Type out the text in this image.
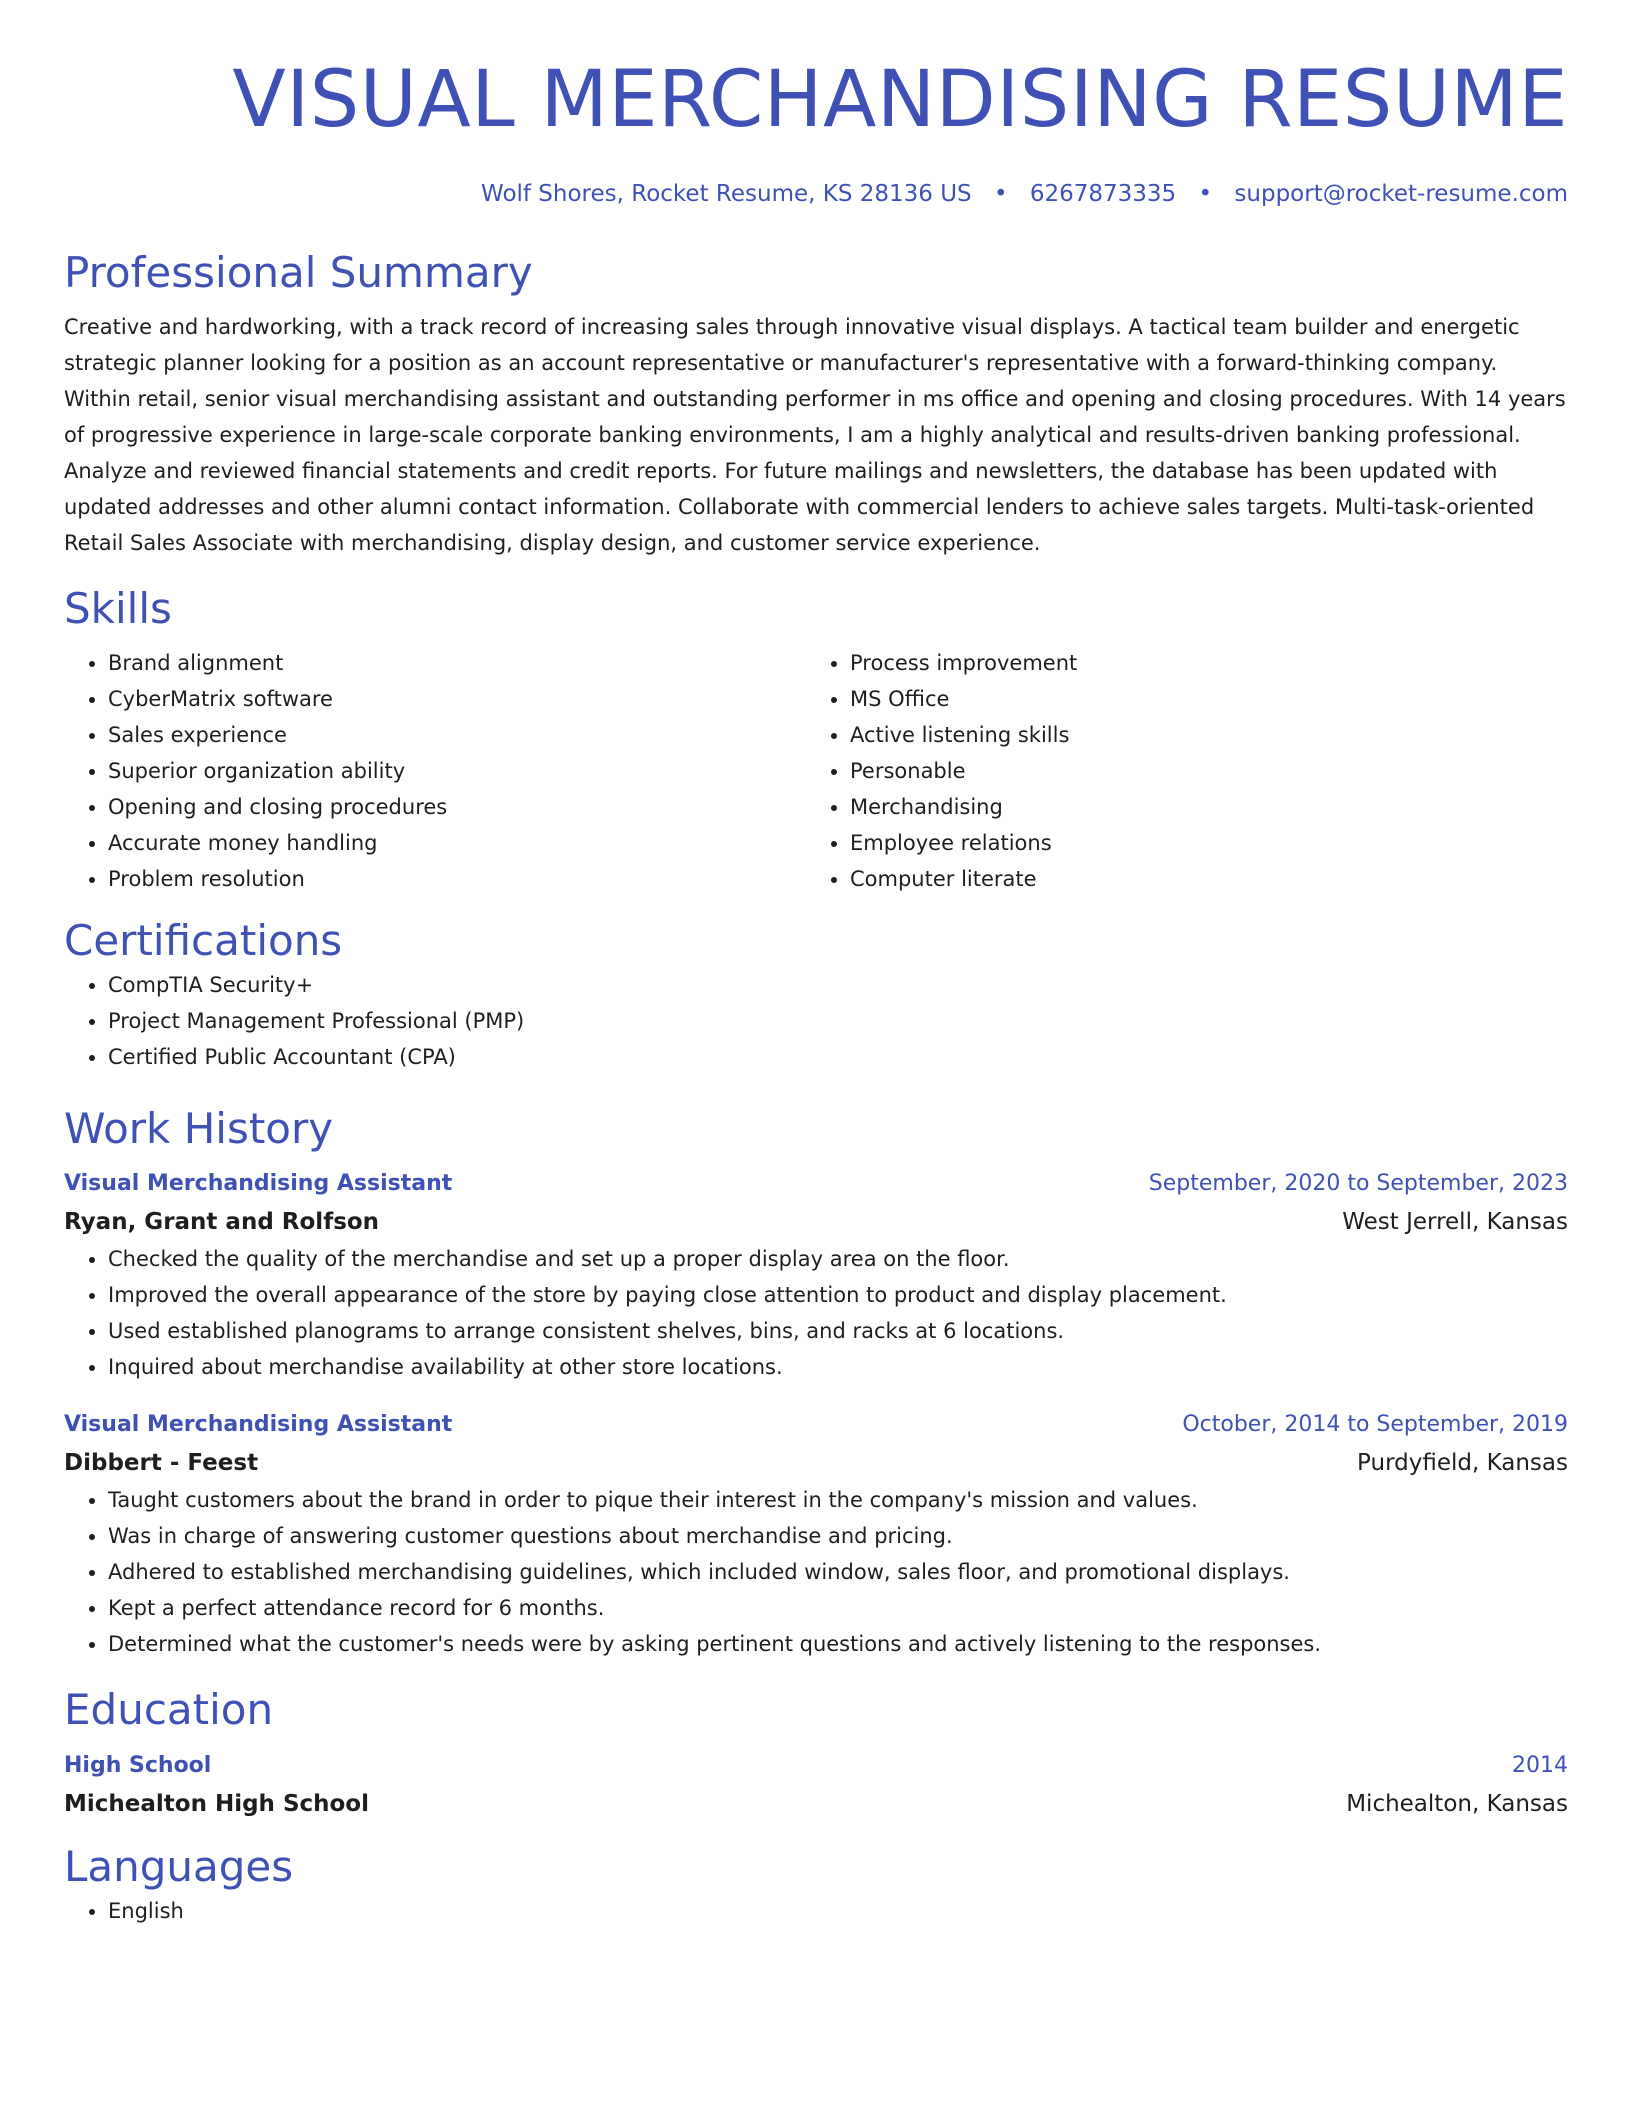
VISUAL MERCHANDISING RESUME
Wolf Shores, Rocket Resume, KS 28136 US • 6267873335 • support@rocket-resume.com
Professional Summary
Creative and hardworking, with a track record of increasing sales through innovative visual displays. A tactical team builder and energetic strategic planner looking for a position as an account representative or manufacturer's representative with a forward-thinking company. Within retail, senior visual merchandising assistant and outstanding performer in ms office and opening and closing procedures. With 14 years of progressive experience in large-scale corporate banking environments, I am a highly analytical and results-driven banking professional. Analyze and reviewed financial statements and credit reports. For future mailings and newsletters, the database has been updated with updated addresses and other alumni contact information. Collaborate with commercial lenders to achieve sales targets. Multi-task-oriented Retail Sales Associate with merchandising, display design, and customer service experience.
Skills
• Brand alignment
• CyberMatrix software
• Sales experience
• Superior organization ability
• Opening and closing procedures
• Accurate money handling
• Problem resolution
• Process improvement
• MS Office
• Active listening skills
• Personable
• Merchandising
• Employee relations
• Computer literate
Certifications
• CompTIA Security+
• Project Management Professional (PMP)
• Certified Public Accountant (CPA)
Work History
Visual Merchandising Assistant	September, 2020 to September, 2023
Ryan, Grant and Rolfson	West Jerrell, Kansas
• Checked the quality of the merchandise and set up a proper display area on the floor.
• Improved the overall appearance of the store by paying close attention to product and display placement.
• Used established planograms to arrange consistent shelves, bins, and racks at 6 locations.
• Inquired about merchandise availability at other store locations.
Visual Merchandising Assistant	October, 2014 to September, 2019
Dibbert - Feest	Purdyfield, Kansas
• Taught customers about the brand in order to pique their interest in the company's mission and values.
• Was in charge of answering customer questions about merchandise and pricing.
• Adhered to established merchandising guidelines, which included window, sales floor, and promotional displays.
• Kept a perfect attendance record for 6 months.
• Determined what the customer's needs were by asking pertinent questions and actively listening to the responses.
Education
High School	2014
Michealton High School	Michealton, Kansas
Languages
• English
